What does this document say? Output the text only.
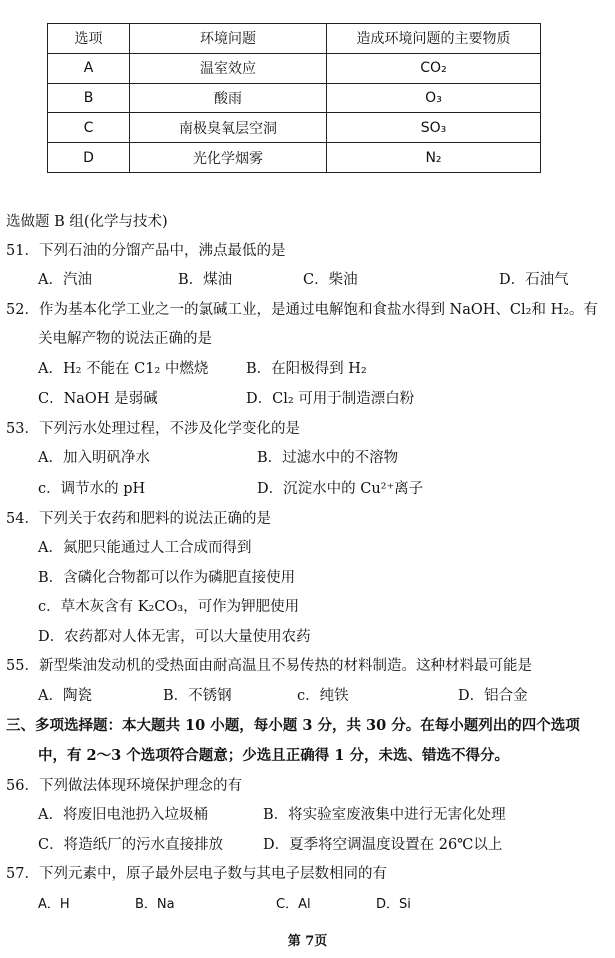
选项	环境问题	造成环境问题的主要物质
A	温室效应	CO₂
B	酸雨	O₃
C	南极臭氧层空洞	SO₃
D	光化学烟雾	N₂
选做题 B 组(化学与技术)
51．下列石油的分馏产品中，沸点最低的是
A．汽油	B．煤油	C．柴油	D．石油气
52．作为基本化学工业之一的氯碱工业，是通过电解饱和食盐水得到 NaOH、Cl₂和 H₂。有
关电解产物的说法正确的是
A．H₂ 不能在 C1₂ 中燃烧	B．在阳极得到 H₂
C．NaOH 是弱碱	D．Cl₂ 可用于制造漂白粉
53．下列污水处理过程，不涉及化学变化的是
A．加入明矾净水	B．过滤水中的不溶物
c．调节水的 pH	D．沉淀水中的 Cu²⁺离子
54．下列关于农药和肥料的说法正确的是
A．氮肥只能通过人工合成而得到
B．含磷化合物都可以作为磷肥直接使用
c．草木灰含有 K₂CO₃，可作为钾肥使用
D．农药都对人体无害，可以大量使用农药
55．新型柴油发动机的受热面由耐高温且不易传热的材料制造。这种材料最可能是
A．陶瓷	B．不锈钢	c．纯铁	D．铝合金
三、多项选择题：本大题共 10 小题，每小题 3 分，共 30 分。在每小题列出的四个选项
中，有 2～3 个选项符合题意；少选且正确得 1 分，未选、错选不得分。
56．下列做法体现环境保护理念的有
A．将废旧电池扔入垃圾桶	B．将实验室废液集中进行无害化处理
C．将造纸厂的污水直接排放	D．夏季将空调温度设置在 26℃以上
57．下列元素中，原子最外层电子数与其电子层数相同的有
A．H	B．Na	C．Al	D．Si
第 7页
